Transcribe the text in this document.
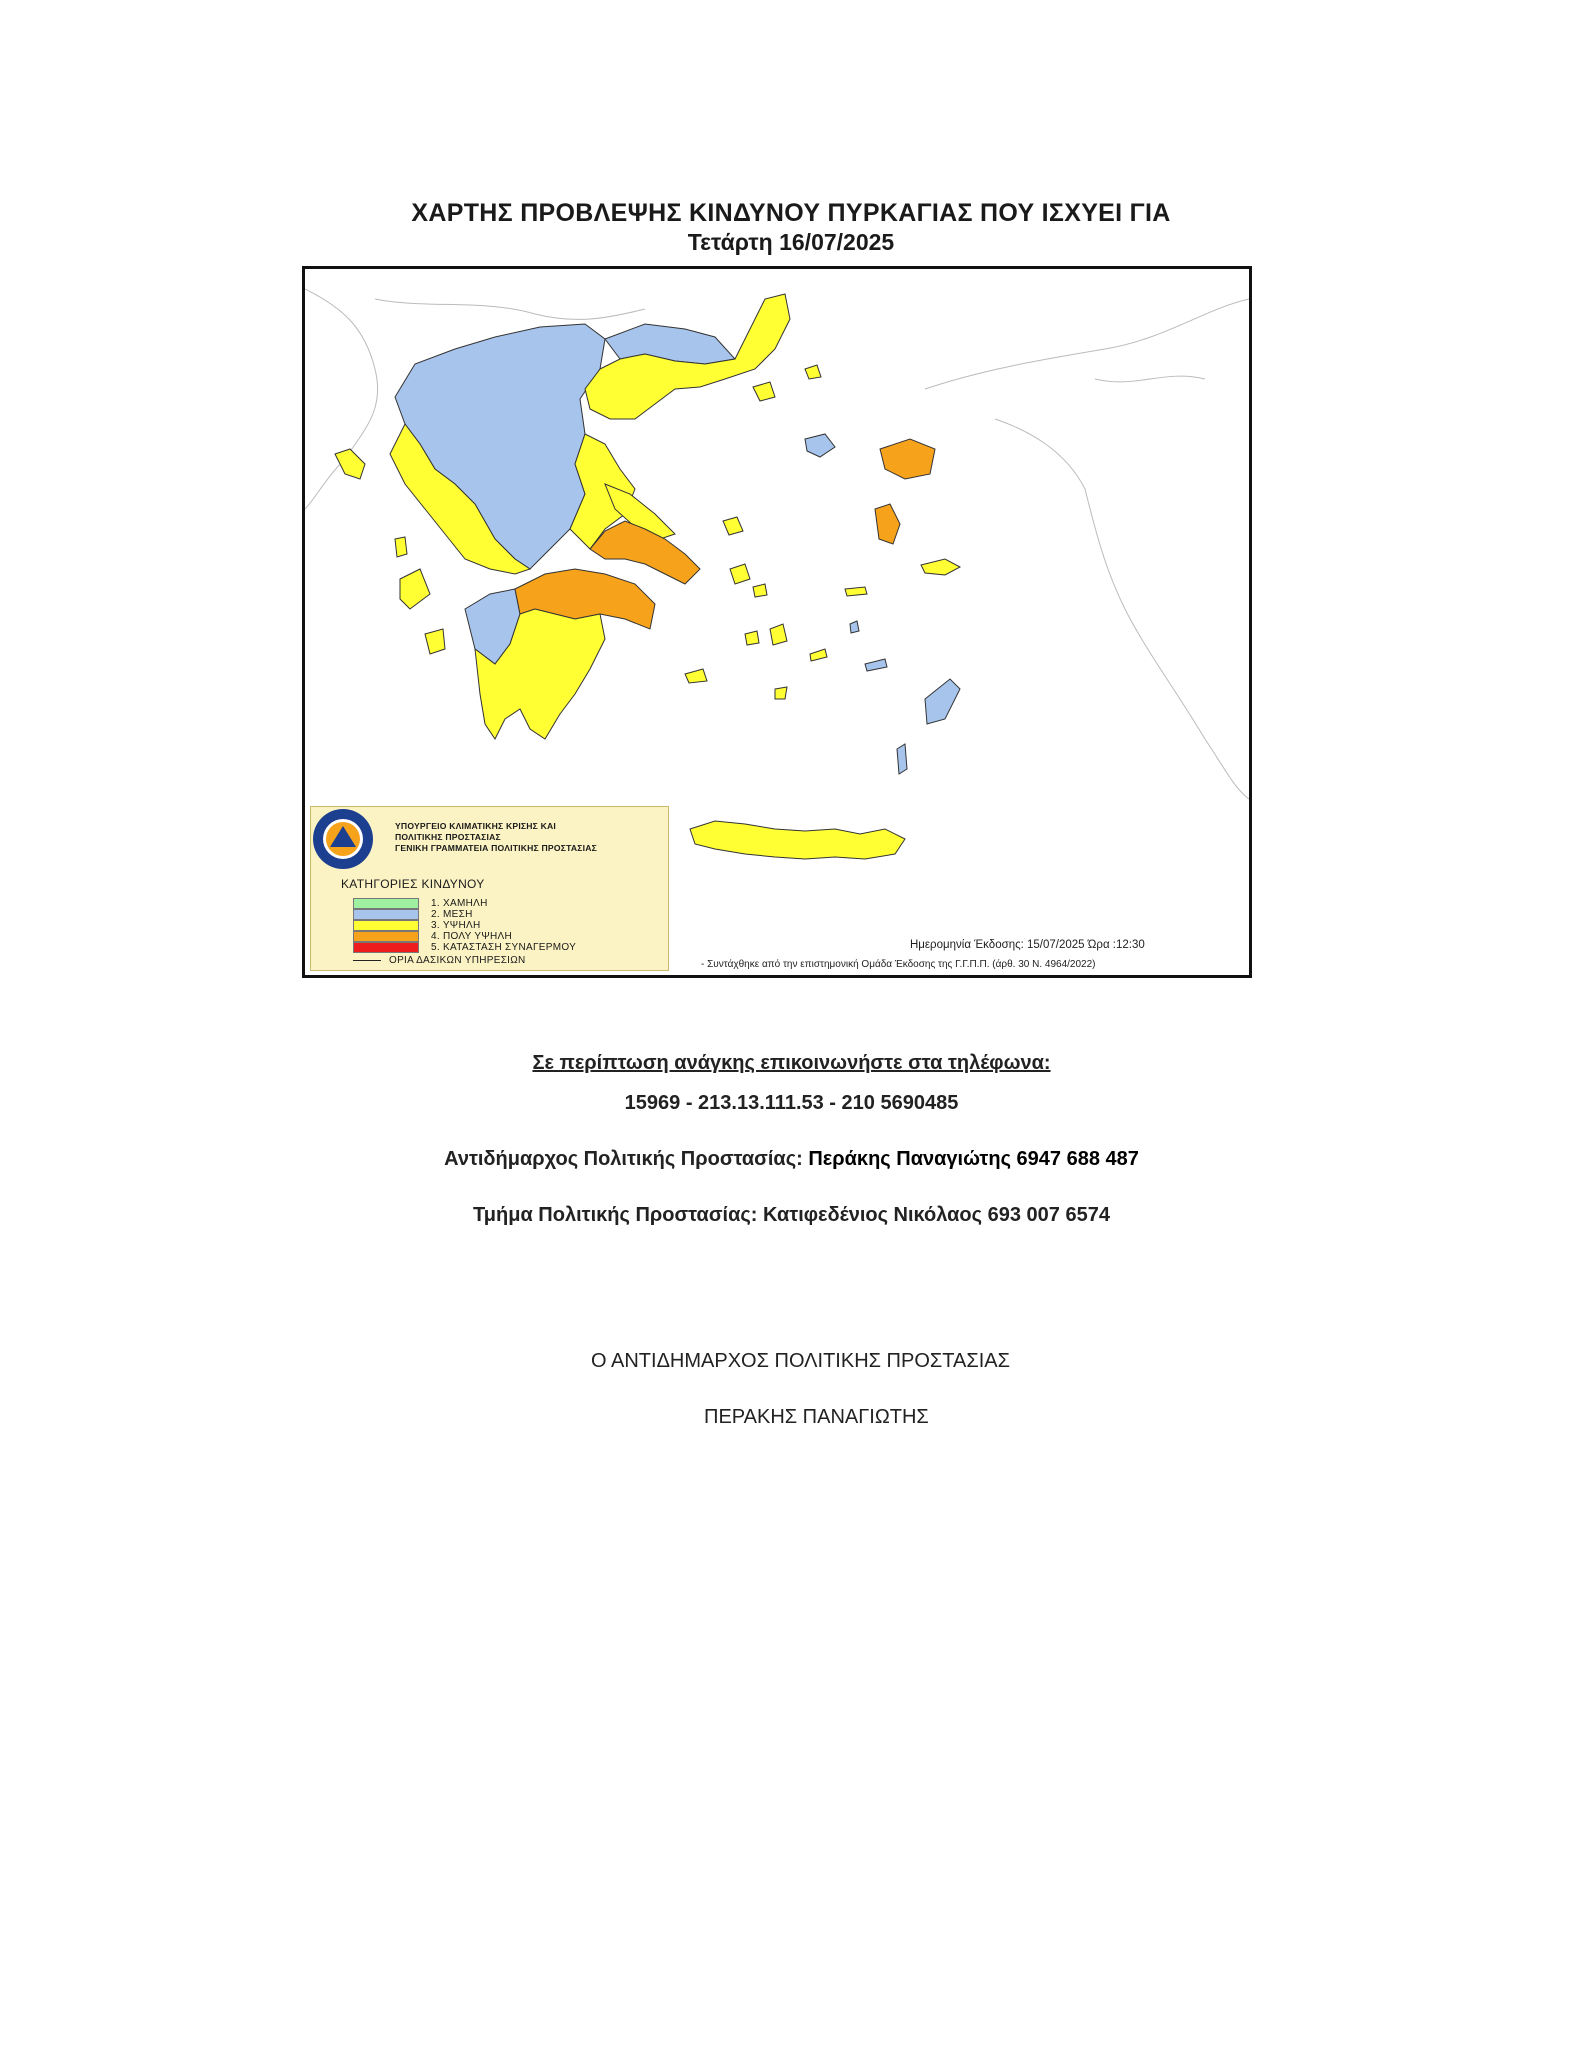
ΧΑΡΤΗΣ ΠΡΟΒΛΕΨΗΣ ΚΙΝΔΥΝΟΥ ΠΥΡΚΑΓΙΑΣ ΠΟΥ ΙΣΧΥΕΙ ΓΙΑ
Τετάρτη 16/07/2025
ΥΠΟΥΡΓΕΙΟ ΚΛΙΜΑΤΙΚΗΣ ΚΡΙΣΗΣ ΚΑΙ
ΠΟΛΙΤΙΚΗΣ ΠΡΟΣΤΑΣΙΑΣ
ΓΕΝΙΚΗ ΓΡΑΜΜΑΤΕΙΑ ΠΟΛΙΤΙΚΗΣ ΠΡΟΣΤΑΣΙΑΣ
ΚΑΤΗΓΟΡΙΕΣ ΚΙΝΔΥΝΟΥ
1. ΧΑΜΗΛΗ
2. ΜΕΣΗ
3. ΥΨΗΛΗ
4. ΠΟΛΥ ΥΨΗΛΗ
5. ΚΑΤΑΣΤΑΣΗ ΣΥΝΑΓΕΡΜΟΥ
ΟΡΙΑ ΔΑΣΙΚΩΝ ΥΠΗΡΕΣΙΩΝ
Ημερομηνία Έκδοσης: 15/07/2025 Ώρα :12:30
- Συντάχθηκε από την επιστημονική Ομάδα Έκδοσης της Γ.Γ.Π.Π. (άρθ. 30 Ν. 4964/2022)
Σε περίπτωση ανάγκης επικοινωνήστε στα τηλέφωνα:
15969 - 213.13.111.53 - 210 5690485
Αντιδήμαρχος Πολιτικής Προστασίας: Περάκης Παναγιώτης 6947 688 487
Τμήμα Πολιτικής Προστασίας: Κατιφεδένιος Νικόλαος 693 007 6574
Ο ΑΝΤΙΔΗΜΑΡΧΟΣ ΠΟΛΙΤΙΚΗΣ ΠΡΟΣΤΑΣΙΑΣ
ΠΕΡΑΚΗΣ ΠΑΝΑΓΙΩΤΗΣ
